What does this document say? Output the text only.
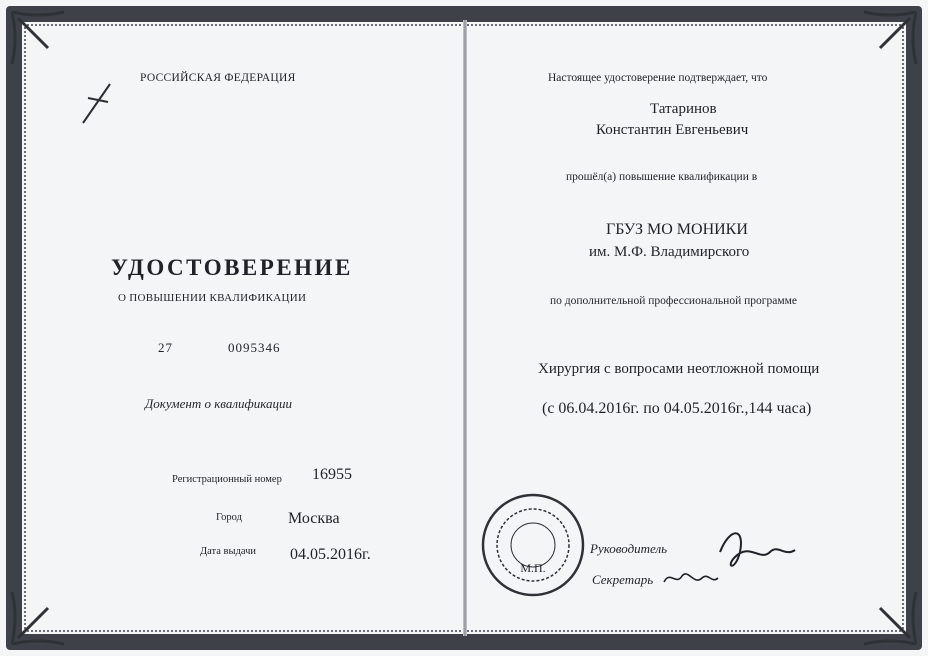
РОССИЙСКАЯ ФЕДЕРАЦИЯ
УДОСТОВЕРЕНИЕ
О ПОВЫШЕНИИ КВАЛИФИКАЦИИ
27	0095346
Документ о квалификации
Регистрационный номер 16955
Город	Москва
Дата выдачи 04.05.2016г.
Настоящее удостоверение подтверждает, что
Татаринов
Константин Евгеньевич
прошёл(а) повышение квалификации в
ГБУЗ МО МОНИКИ
им. М.Ф. Владимирского
по дополнительной профессиональной программе
Хирургия с вопросами неотложной помощи
(с 06.04.2016г. по 04.05.2016г.,144 часа)
Руководитель
Секретарь
М.П.
